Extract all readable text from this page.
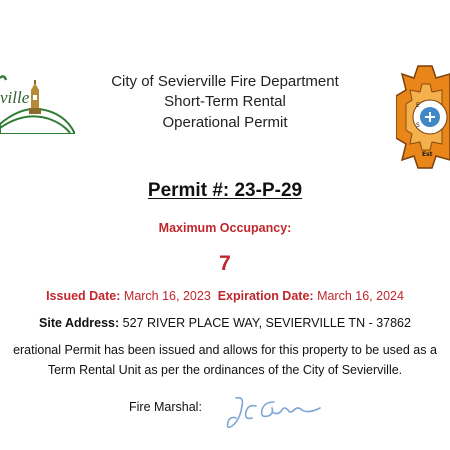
ville
City of Sevierville Fire Department
Short-Term Rental
Operational Permit
E
S
Est
Permit #: 23-P-29
Maximum Occupancy:
7
Issued Date: March 16, 2023 Expiration Date: March 16, 2024
Site Address: 527 RIVER PLACE WAY, SEVIERVILLE TN - 37862
erational Permit has been issued and allows for this property to be used as a
Term Rental Unit as per the ordinances of the City of Sevierville.
Fire Marshal:
